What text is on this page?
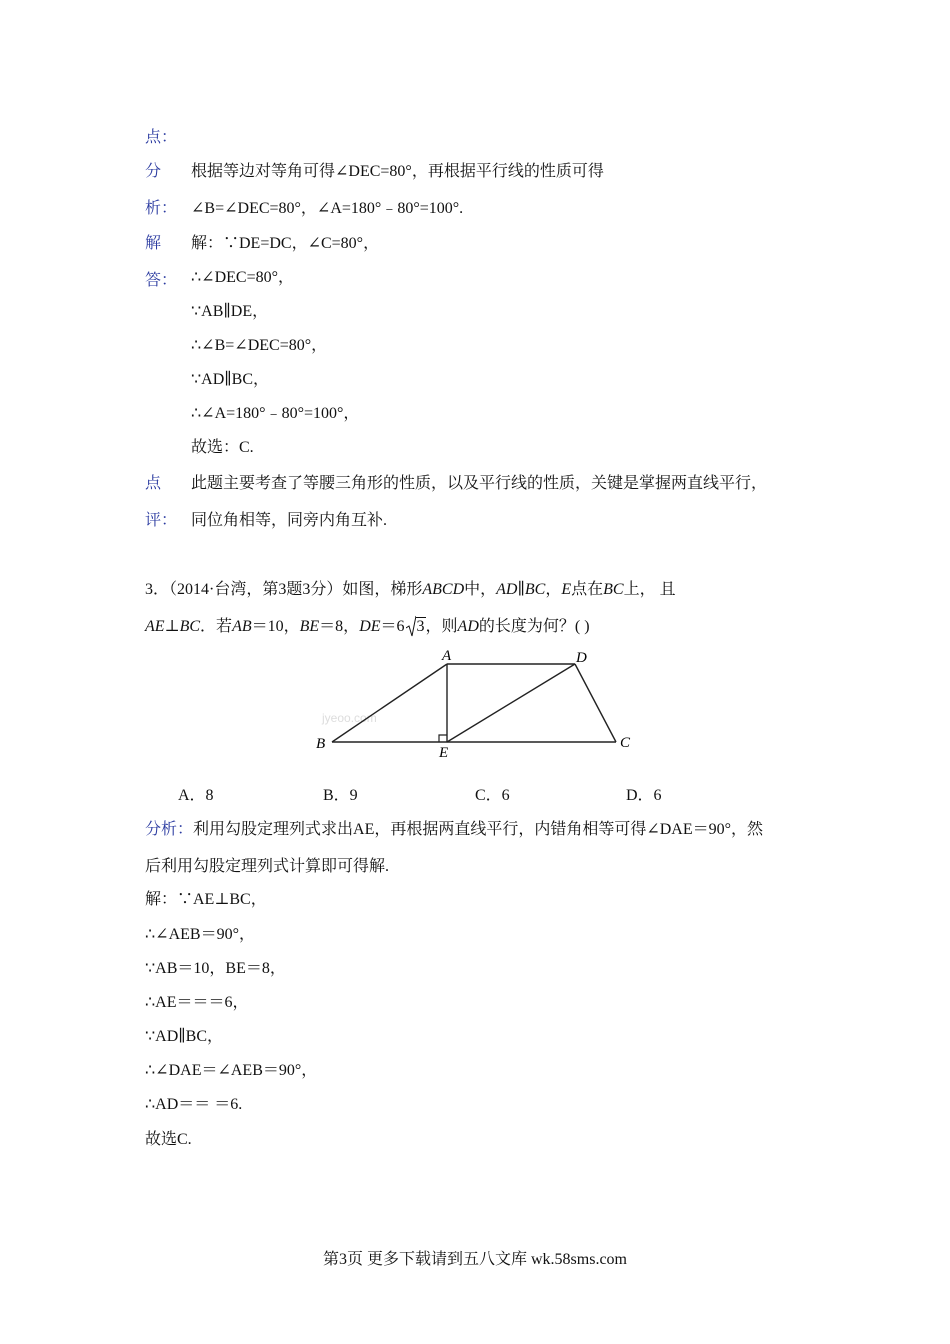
点：
分 根据等边对等角可得∠DEC=80°，再根据平行线的性质可得
析： ∠B=∠DEC=80°，∠A=180°﹣80°=100°.
解 解：∵DE=DC，∠C=80°，
答： ∴∠DEC=80°，
∵AB∥DE，
∴∠B=∠DEC=80°，
∵AD∥BC，
∴∠A=180°﹣80°=100°，
故选：C.
点 此题主要考查了等腰三角形的性质，以及平行线的性质，关键是掌握两直线平行，
评： 同位角相等，同旁内角互补.
3．（2014·台湾，第3题3分）如图，梯形ABCD中，AD∥BC，E点在BC上， 且
AE⊥BC．若AB＝10，BE＝8，DE＝6 3，则AD的长度为何？( )
jyeoo.com
A	D
B
E
C
A．8	B．9	C．6	D．6
分析：利用勾股定理列式求出AE，再根据两直线平行，内错角相等可得∠DAE＝90°，然
后利用勾股定理列式计算即可得解.
解：∵AE⊥BC，
∴∠AEB＝90°，
∵AB＝10，BE＝8，
∴AE＝＝＝6，
∵AD∥BC，
∴∠DAE＝∠AEB＝90°，
∴AD＝＝ ＝6.
故选C.
第3页 更多下载请到五八文库 wk.58sms.com
